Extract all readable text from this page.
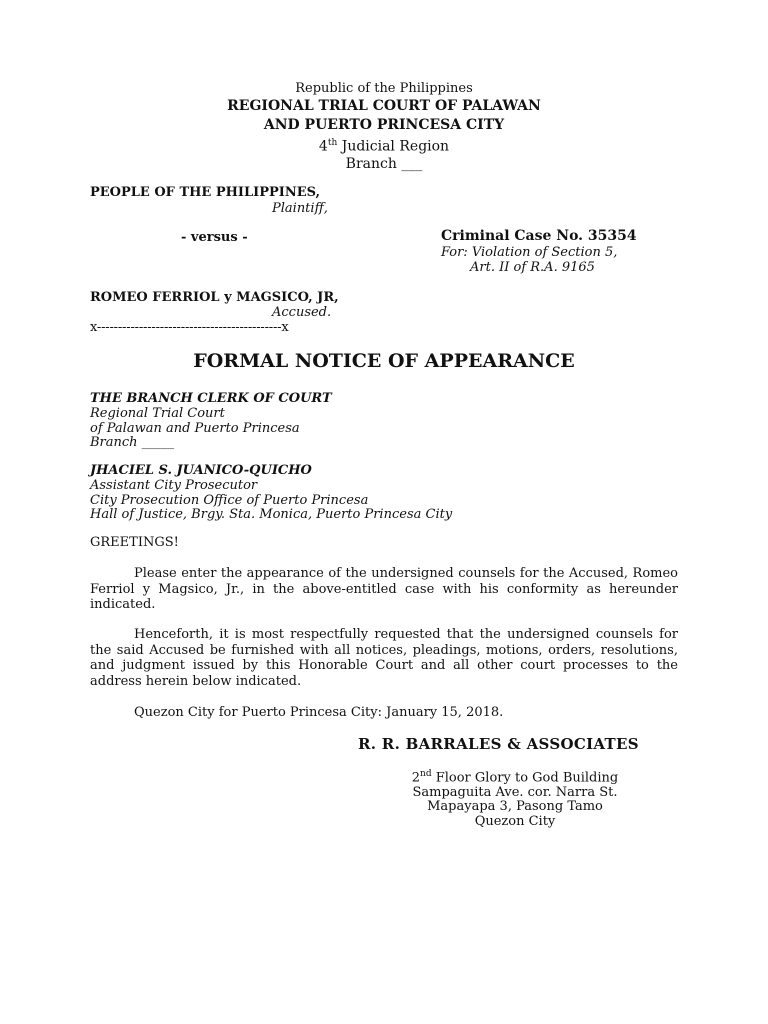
Republic of the Philippines
REGIONAL TRIAL COURT OF PALAWAN
AND PUERTO PRINCESA CITY
4th Judicial Region
Branch ___
PEOPLE OF THE PHILIPPINES,
Plaintiff,
- versus -	Criminal Case No. 35354
For: Violation of Section 5,
Art. II of R.A. 9165
ROMEO FERRIOL y MAGSICO, JR,
Accused.
x--------------------------------------------x
FORMAL NOTICE OF APPEARANCE
THE BRANCH CLERK OF COURT
Regional Trial Court
of Palawan and Puerto Princesa
Branch _____
JHACIEL S. JUANICO-QUICHO
Assistant City Prosecutor
City Prosecution Office of Puerto Princesa
Hall of Justice, Brgy. Sta. Monica, Puerto Princesa City
GREETINGS!
Please enter the appearance of the undersigned counsels for the Accused, Romeo Ferriol y Magsico, Jr., in the above-entitled case with his conformity as hereunder indicated.
Henceforth, it is most respectfully requested that the undersigned counsels for the said Accused be furnished with all notices, pleadings, motions, orders, resolutions, and judgment issued by this Honorable Court and all other court processes to the address herein below indicated.
Quezon City for Puerto Princesa City: January 15, 2018.
R. R. BARRALES & ASSOCIATES
2nd Floor Glory to God Building
Sampaguita Ave. cor. Narra St.
Mapayapa 3, Pasong Tamo
Quezon City
